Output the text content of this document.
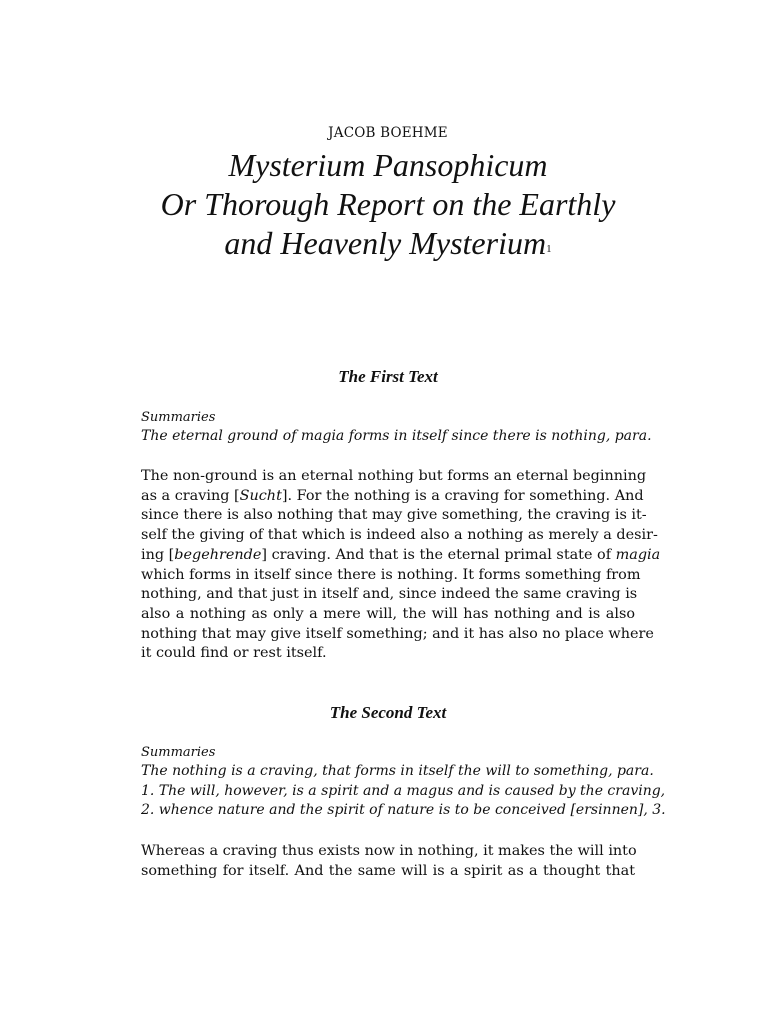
JACOB BOEHME
Mysterium Pansophicum
Or Thorough Report on the Earthly
and Heavenly Mysterium$^1$
The First Text
Summaries
The eternal ground of magia forms in itself since there is nothing, para.
The non-ground is an eternal nothing but forms an eternal beginning
as a craving [Sucht]. For the nothing is a craving for something. And
since there is also nothing that may give something, the craving is it-
self the giving of that which is indeed also a nothing as merely a desir-
ing [begehrende] craving. And that is the eternal primal state of magia
which forms in itself since there is nothing. It forms something from
nothing, and that just in itself and, since indeed the same craving is
also a nothing as only a mere will, the will has nothing and is also
nothing that may give itself something; and it has also no place where
it could find or rest itself.
The Second Text
Summaries
The nothing is a craving, that forms in itself the will to something, para.
1. The will, however, is a spirit and a magus and is caused by the craving,
2. whence nature and the spirit of nature is to be conceived [ersinnen], 3.
Whereas a craving thus exists now in nothing, it makes the will into
something for itself. And the same will is a spirit as a thought that
